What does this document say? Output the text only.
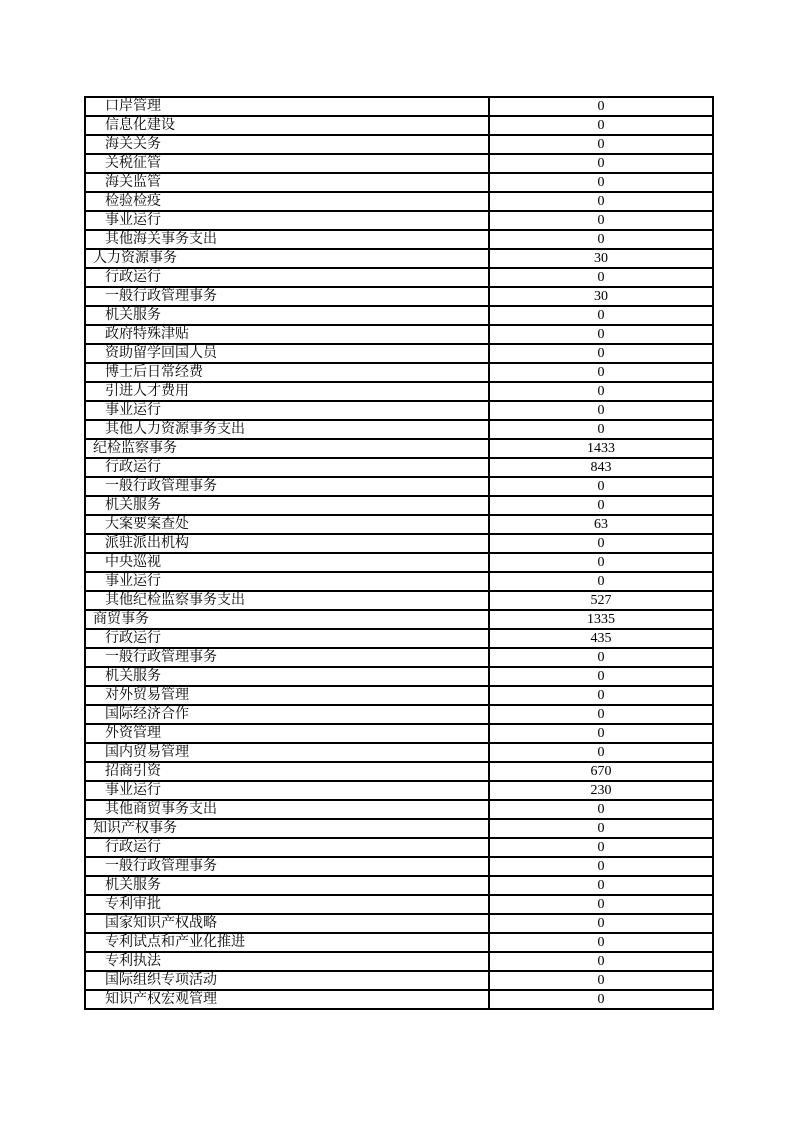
口岸管理	0
信息化建设	0
海关关务	0
关税征管	0
海关监管	0
检验检疫	0
事业运行	0
其他海关事务支出	0
人力资源事务	30
行政运行	0
一般行政管理事务	30
机关服务	0
政府特殊津贴	0
资助留学回国人员	0
博士后日常经费	0
引进人才费用	0
事业运行	0
其他人力资源事务支出	0
纪检监察事务	1433
行政运行	843
一般行政管理事务	0
机关服务	0
大案要案查处	63
派驻派出机构	0
中央巡视	0
事业运行	0
其他纪检监察事务支出	527
商贸事务	1335
行政运行	435
一般行政管理事务	0
机关服务	0
对外贸易管理	0
国际经济合作	0
外资管理	0
国内贸易管理	0
招商引资	670
事业运行	230
其他商贸事务支出	0
知识产权事务	0
行政运行	0
一般行政管理事务	0
机关服务	0
专利审批	0
国家知识产权战略	0
专利试点和产业化推进	0
专利执法	0
国际组织专项活动	0
知识产权宏观管理	0
